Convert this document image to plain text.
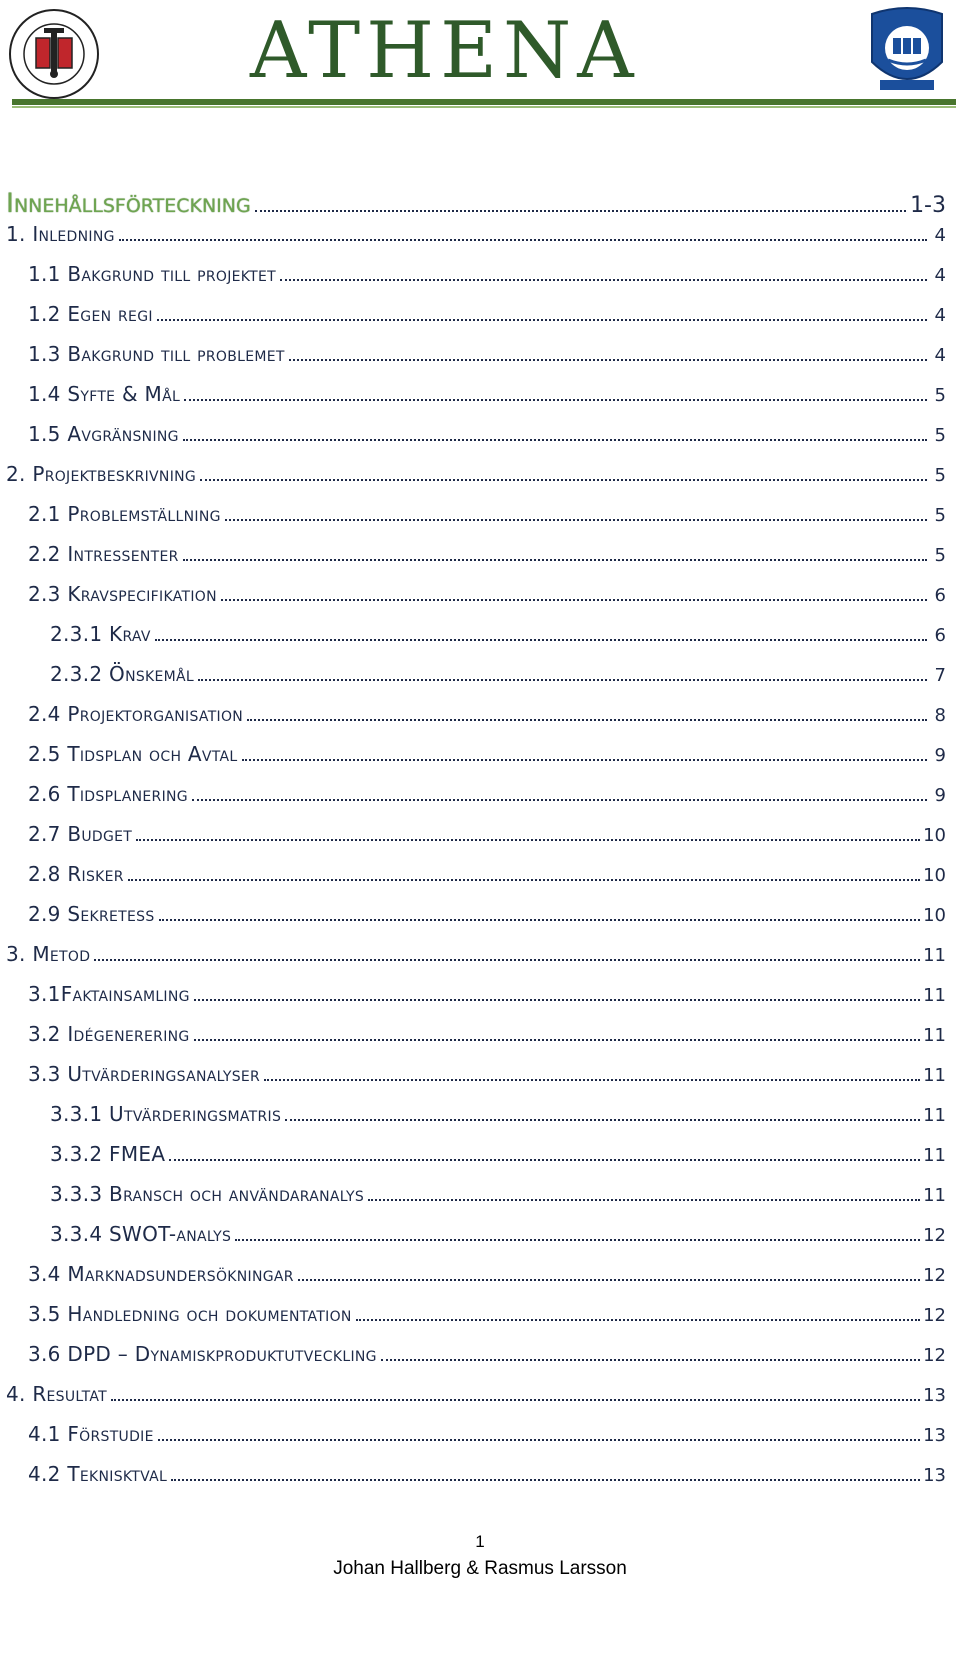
ATHENA
Innehållsförteckning	1-3
1. Inledning	4
1.1 Bakgrund till projektet	4
1.2 Egen regi	4
1.3 Bakgrund till problemet	4
1.4 Syfte & Mål	5
1.5 Avgränsning	5
2. Projektbeskrivning	5
2.1 Problemställning	5
2.2 Intressenter	5
2.3 Kravspecifikation	6
2.3.1 Krav	6
2.3.2 Önskemål	7
2.4 Projektorganisation	8
2.5 Tidsplan och Avtal	9
2.6 Tidsplanering	9
2.7 Budget	10
2.8 Risker	10
2.9 Sekretess	10
3. Metod	11
3.1Faktainsamling	11
3.2 Idégenerering	11
3.3 Utvärderingsanalyser	11
3.3.1 Utvärderingsmatris	11
3.3.2 FMEA	11
3.3.3 Bransch och användaranalys	11
3.3.4 SWOT-analys	12
3.4 Marknadsundersökningar	12
3.5 Handledning och dokumentation	12
3.6 DPD – Dynamiskproduktutveckling	12
4. Resultat	13
4.1 Förstudie	13
4.2 Teknisktval	13
1
Johan Hallberg & Rasmus Larsson
